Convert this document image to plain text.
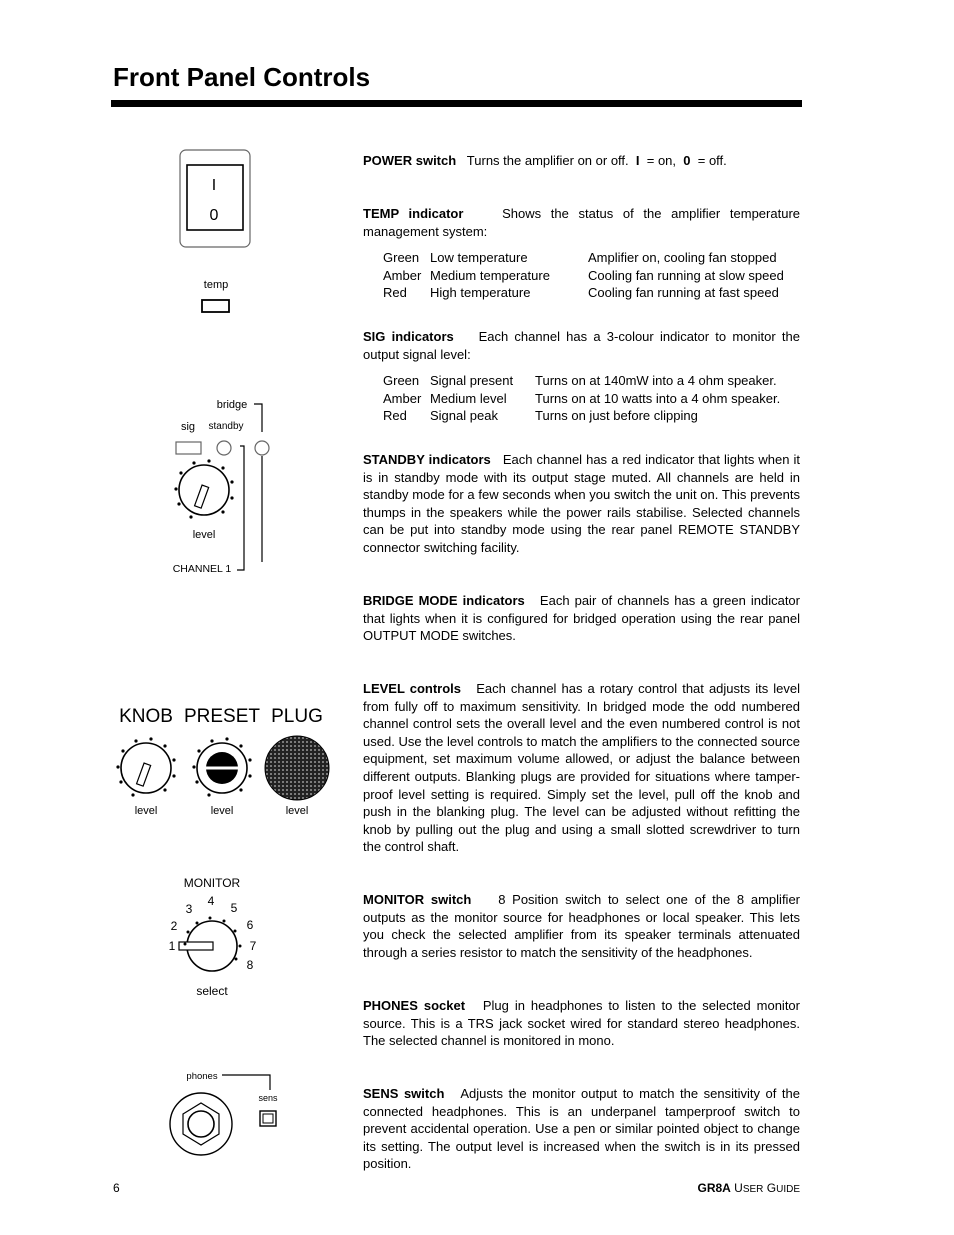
Front Panel Controls
I
0
temp
bridge
sig standby
level
CHANNEL 1
KNOB PRESET PLUG
level	level	level
MONITOR
1
2
3
4 5
6
7
8
select
phones
sens
POWER switch Turns the amplifier on or off. I = on, 0 = off.
TEMP indicator	Shows the status of the amplifier temperature management system:
Green	Low temperature	Amplifier on, cooling fan stopped
Amber	Medium temperature	Cooling fan running at slow speed
Red	High temperature	Cooling fan running at fast speed
SIG indicators Each channel has a 3-colour indicator to monitor the output signal level:
Green	Signal present	Turns on at 140mW into a 4 ohm speaker.
Amber	Medium level	Turns on at 10 watts into a 4 ohm speaker.
Red	Signal peak	Turns on just before clipping
STANDBY indicators Each channel has a red indicator that lights when it is in standby mode with its output stage muted. All channels are held in standby mode for a few seconds when you switch the unit on. This prevents thumps in the speakers while the power rails stabilise. Selected channels can be put into standby mode using the rear panel REMOTE STANDBY connector switching facility.
BRIDGE MODE indicators Each pair of channels has a green indicator that lights when it is configured for bridged operation using the rear panel OUTPUT MODE switches.
LEVEL controls Each channel has a rotary control that adjusts its level from fully off to maximum sensitivity. In bridged mode the odd numbered channel control sets the overall level and the even numbered control is not used. Use the level controls to match the amplifiers to the connected source equipment, set maximum volume allowed, or adjust the balance between different outputs. Blanking plugs are provided for situations where tamper-proof level setting is required. Simply set the level, pull off the knob and push in the blanking plug. The level can be adjusted without refitting the knob by pulling out the plug and using a small slotted screwdriver to turn the control shaft.
MONITOR switch 8 Position switch to select one of the 8 amplifier outputs as the monitor source for headphones or local speaker. This lets you check the selected amplifier from its speaker terminals attenuated through a series resistor to match the sensitivity of the headphones.
PHONES socket Plug in headphones to listen to the selected monitor source. This is a TRS jack socket wired for standard stereo headphones. The selected channel is monitored in mono.
SENS switch Adjusts the monitor output to match the sensitivity of the connected headphones. This is an underpanel tamperproof switch to prevent accidental operation. Use a pen or similar pointed object to change its setting. The output level is increased when the switch is in its pressed position.
6	GR8A USER GUIDE
